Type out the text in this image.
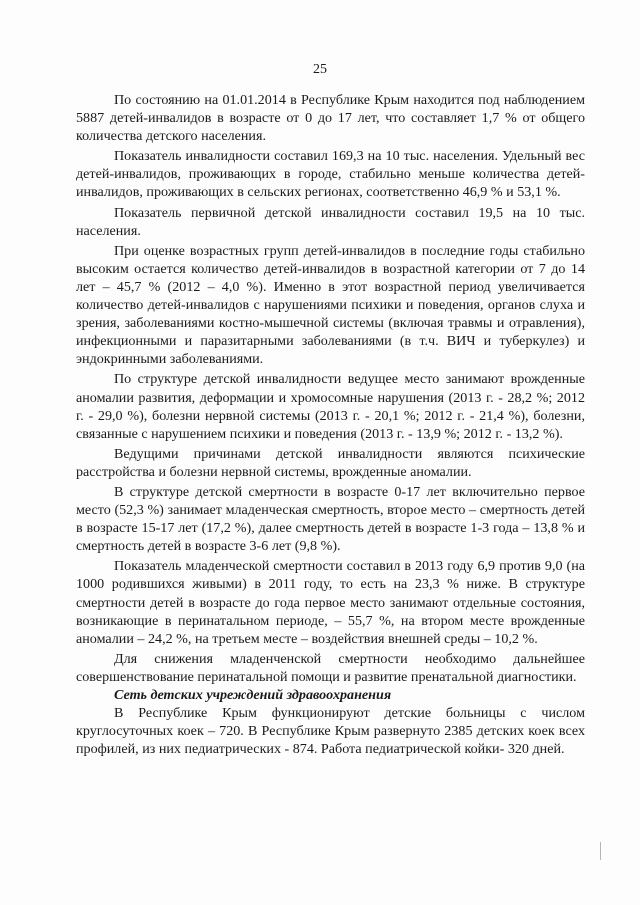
25

По состоянию на 01.01.2014 в Республике Крым находится под наблюдением 5887 детей-инвалидов в возрасте от 0 до 17 лет, что составляет 1,7 % от общего количества детского населения.

Показатель инвалидности составил 169,3 на 10 тыс. населения. Удельный вес детей-инвалидов, проживающих в городе, стабильно меньше количества детей-инвалидов, проживающих в сельских регионах, соответственно 46,9 % и 53,1 %.

Показатель первичной детской инвалидности составил 19,5 на 10 тыс. населения.

При оценке возрастных групп детей-инвалидов в последние годы стабильно высоким остается количество детей-инвалидов в возрастной категории от 7 до 14 лет – 45,7 % (2012 – 4,0 %). Именно в этот возрастной период увеличивается количество детей-инвалидов с нарушениями психики и поведения, органов слуха и зрения, заболеваниями костно-мышечной системы (включая травмы и отравления), инфекционными и паразитарными заболеваниями (в т.ч. ВИЧ и туберкулез) и эндокринными заболеваниями.

По структуре детской инвалидности ведущее место занимают врожденные аномалии развития, деформации и хромосомные нарушения (2013 г. - 28,2 %; 2012 г. - 29,0 %), болезни нервной системы (2013 г. - 20,1 %; 2012 г. - 21,4 %), болезни, связанные с нарушением психики и поведения (2013 г. - 13,9 %; 2012 г. - 13,2 %).

Ведущими причинами детской инвалидности являются психические расстройства и болезни нервной системы, врожденные аномалии.

В структуре детской смертности в возрасте 0-17 лет включительно первое место (52,3 %) занимает младенческая смертность, второе место – смертность детей в возрасте 15-17 лет (17,2 %), далее смертность детей в возрасте 1-3 года – 13,8 % и смертность детей в возрасте 3-6 лет (9,8 %).

Показатель младенческой смертности составил в 2013 году 6,9 против 9,0 (на 1000 родившихся живыми) в 2011 году, то есть на 23,3 % ниже. В структуре смертности детей в возрасте до года первое место занимают отдельные состояния, возникающие в перинатальном периоде, – 55,7 %, на втором месте врожденные аномалии – 24,2 %, на третьем месте – воздействия внешней среды – 10,2 %.

Для снижения младенченской смертности необходимо дальнейшее совершенствование перинатальной помощи и развитие пренатальной диагностики.

Сеть детских учреждений здравоохранения

В Республике Крым функционируют детские больницы с числом круглосуточных коек – 720. В Республике Крым развернуто 2385 детских коек всех профилей, из них педиатрических - 874. Работа педиатрической койки- 320 дней.
